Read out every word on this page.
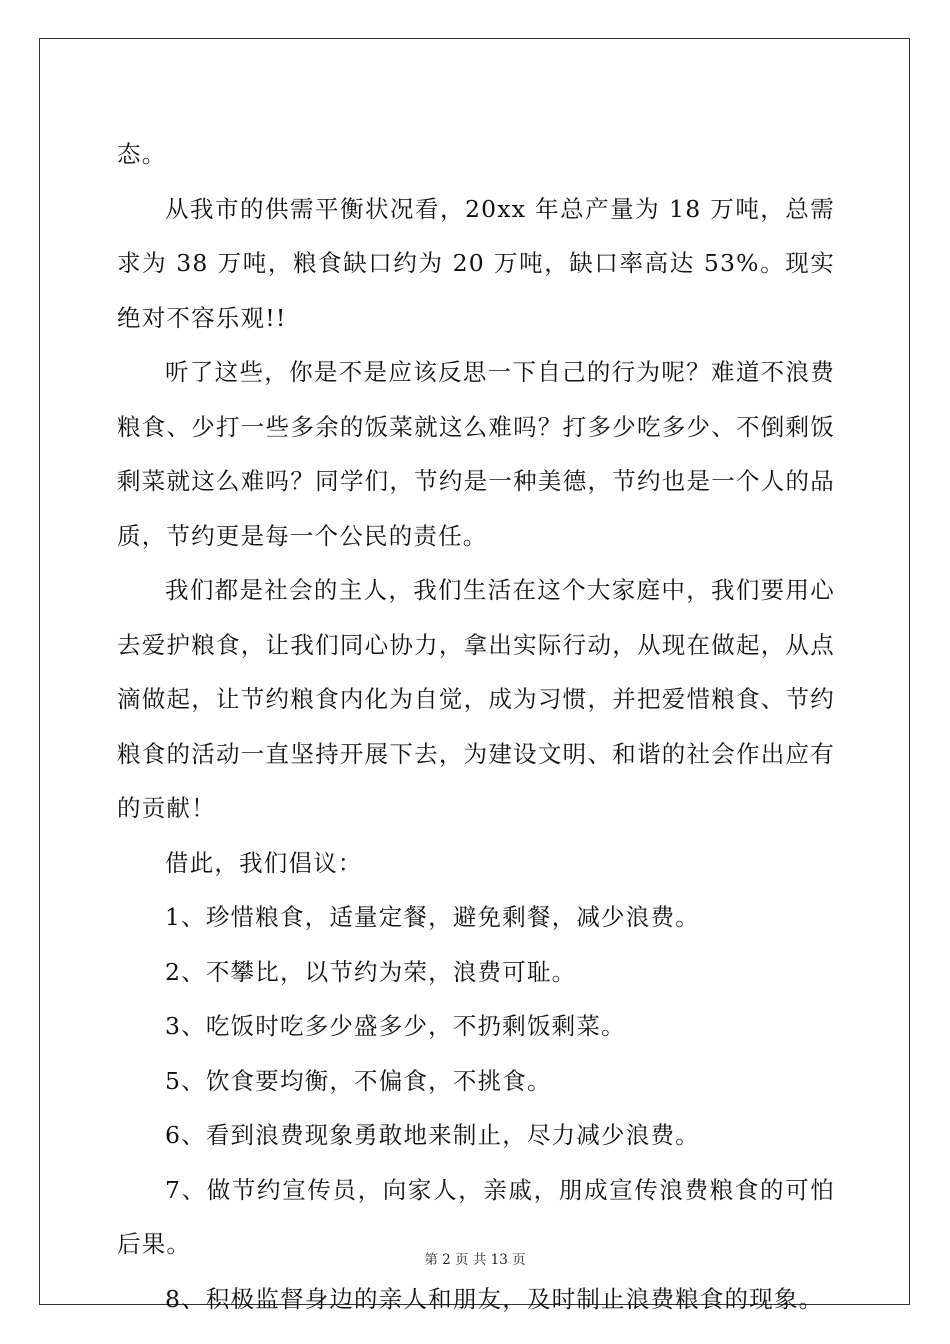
态。

从我市的供需平衡状况看，20xx 年总产量为 18 万吨，总需求为 38 万吨，粮食缺口约为 20 万吨，缺口率高达 53%。现实绝对不容乐观!!

听了这些，你是不是应该反思一下自己的行为呢？难道不浪费粮食、少打一些多余的饭菜就这么难吗？打多少吃多少、不倒剩饭剩菜就这么难吗？同学们，节约是一种美德，节约也是一个人的品质，节约更是每一个公民的责任。

我们都是社会的主人，我们生活在这个大家庭中，我们要用心去爱护粮食，让我们同心协力，拿出实际行动，从现在做起，从点滴做起，让节约粮食内化为自觉，成为习惯，并把爱惜粮食、节约粮食的活动一直坚持开展下去，为建设文明、和谐的社会作出应有的贡献！

借此，我们倡议：

1、珍惜粮食，适量定餐，避免剩餐，减少浪费。

2、不攀比，以节约为荣，浪费可耻。

3、吃饭时吃多少盛多少，不扔剩饭剩菜。

5、饮食要均衡，不偏食，不挑食。

6、看到浪费现象勇敢地来制止，尽力减少浪费。

7、做节约宣传员，向家人，亲戚，朋成宣传浪费粮食的可怕后果。

8、积极监督身边的亲人和朋友，及时制止浪费粮食的现象。

第 2 页 共 13 页
